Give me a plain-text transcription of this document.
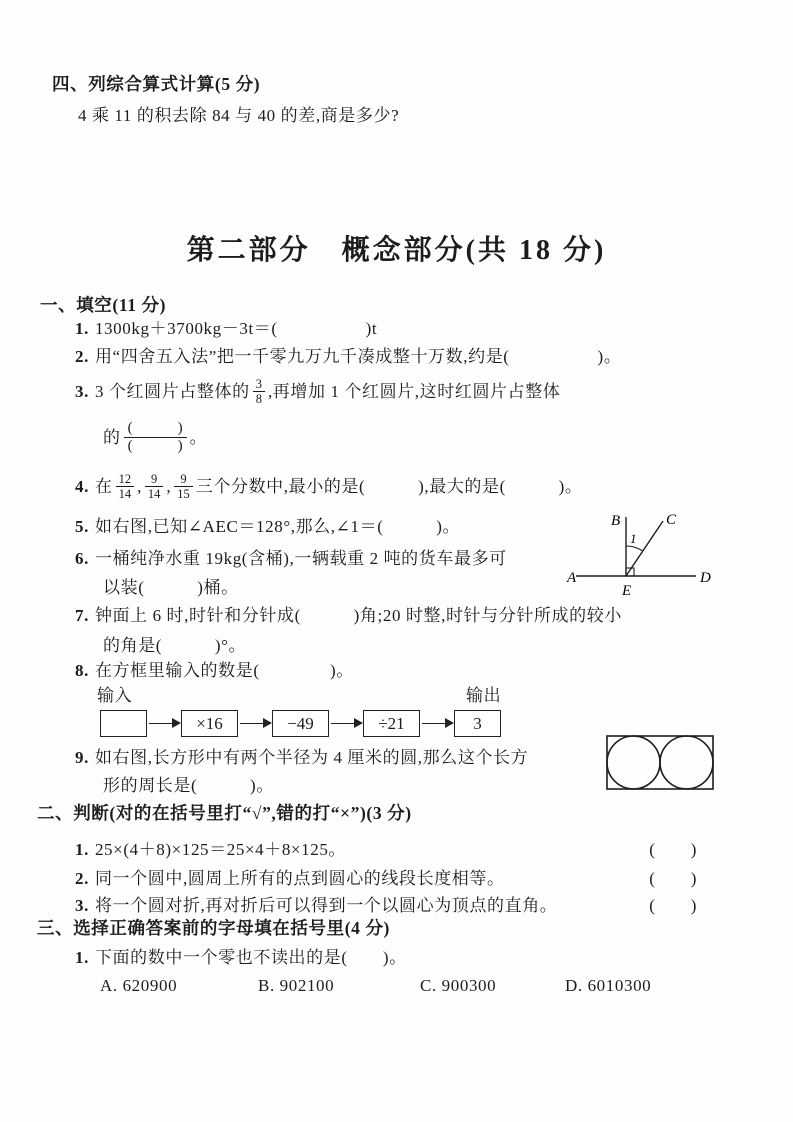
四、列综合算式计算(5 分)
4 乘 11 的积去除 84 与 40 的差,商是多少?
第二部分　概念部分(共 18 分)
一、填空(11 分)
1. 1300kg＋3700kg－3t＝(　　　　　)t
2. 用“四舍五入法”把一千零九万九千凑成整十万数,约是(　　　　　)。
3. 3 个红圆片占整体的 $\frac{3}{8}$ ,再增加 1 个红圆片,这时红圆片占整体
的 $\frac{( )}{( )}$ 。
4. 在 $\frac{12}{14}$ , $\frac{9}{14}$ , $\frac{9}{15}$ 三个分数中,最小的是(　　　),最大的是(　　　)。
5. 如右图,已知∠AEC＝128°,那么,∠1＝(　　　)。
6. 一桶纯净水重 19kg(含桶),一辆载重 2 吨的货车最多可
以装(　　　)桶。
7. 钟面上 6 时,时针和分针成(　　　)角;20 时整,时针与分针所成的较小
的角是(　　　)°。
8. 在方框里输入的数是(　　　　)。
输入	输出
×16	−49	÷21	3
9. 如右图,长方形中有两个半径为 4 厘米的圆,那么这个长方
形的周长是(　　　)。
二、判断(对的在括号里打“√”,错的打“×”)(3 分)
1. 25×(4＋8)×125＝25×4＋8×125。	(　　)
2. 同一个圆中,圆周上所有的点到圆心的线段长度相等。	(　　)
3. 将一个圆对折,再对折后可以得到一个以圆心为顶点的直角。	(　　)
三、选择正确答案前的字母填在括号里(4 分)
1. 下面的数中一个零也不读出的是(　　)。
A. 620900	B. 902100	C. 900300	D. 6010300
B	C
A	D
E
1
